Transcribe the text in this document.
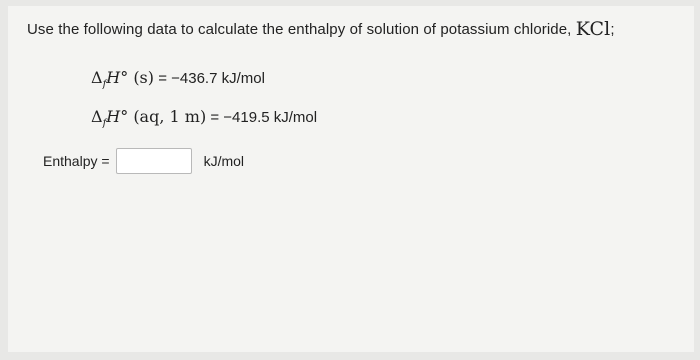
Use the following data to calculate the enthalpy of solution of potassium chloride, KCl;
$\Delta_fH^\circ$ (s) = −436.7 kJ/mol
$\Delta_fH^\circ$ (aq, 1 m) = −419.5 kJ/mol
Enthalpy =	kJ/mol
